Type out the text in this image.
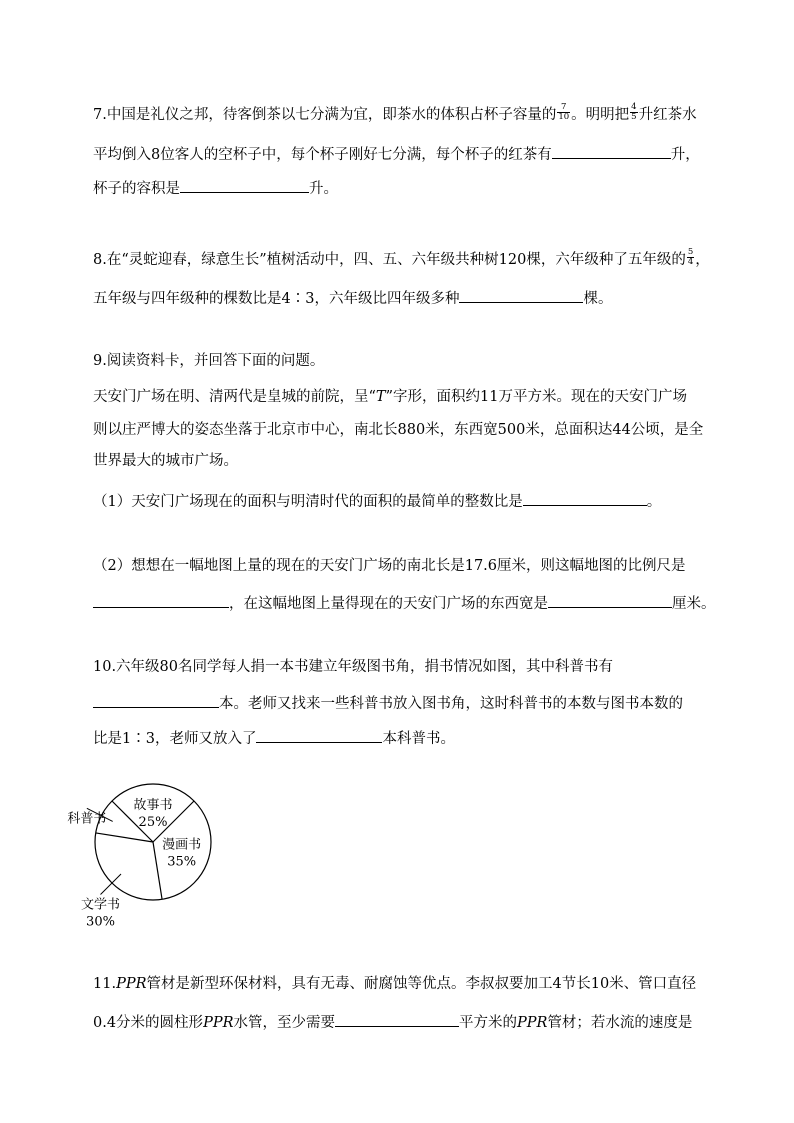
7.中国是礼仪之邦，待客倒茶以七分满为宜，即茶水的体积占杯子容量的 $\frac{7}{10}$ 。明明把 $\frac{4}{5}$ 升红茶水
平均倒入8位客人的空杯子中，每个杯子刚好七分满，每个杯子的红茶有	升，
杯子的容积是	升。
8.在“灵蛇迎春，绿意生长”植树活动中，四、五、六年级共种树120棵，六年级种了五年级的 $\frac{5}{4}$ ，
五年级与四年级种的棵数比是4∶3，六年级比四年级多种	棵。
9.阅读资料卡，并回答下面的问题。
天安门广场在明、清两代是皇城的前院，呈“T”字形，面积约11万平方米。现在的天安门广场
则以庄严博大的姿态坐落于北京市中心，南北长880米，东西宽500米，总面积达44公顷，是全
世界最大的城市广场。
（1）天安门广场现在的面积与明清时代的面积的最简单的整数比是	。
（2）想想在一幅地图上量的现在的天安门广场的南北长是17.6厘米，则这幅地图的比例尺是
，在这幅地图上量得现在的天安门广场的东西宽是	厘米。
10.六年级80名同学每人捐一本书建立年级图书角，捐书情况如图，其中科普书有
本。老师又找来一些科普书放入图书角，这时科普书的本数与图书本数的
比是1∶3，老师又放入了	本科普书。
漫画书
35%
文学书
30%
科普书
故事书
25%
11.PPR管材是新型环保材料，具有无毒、耐腐蚀等优点。李叔叔要加工4节长10米、管口直径
0.4分米的圆柱形PPR水管，至少需要	平方米的PPR管材；若水流的速度是
